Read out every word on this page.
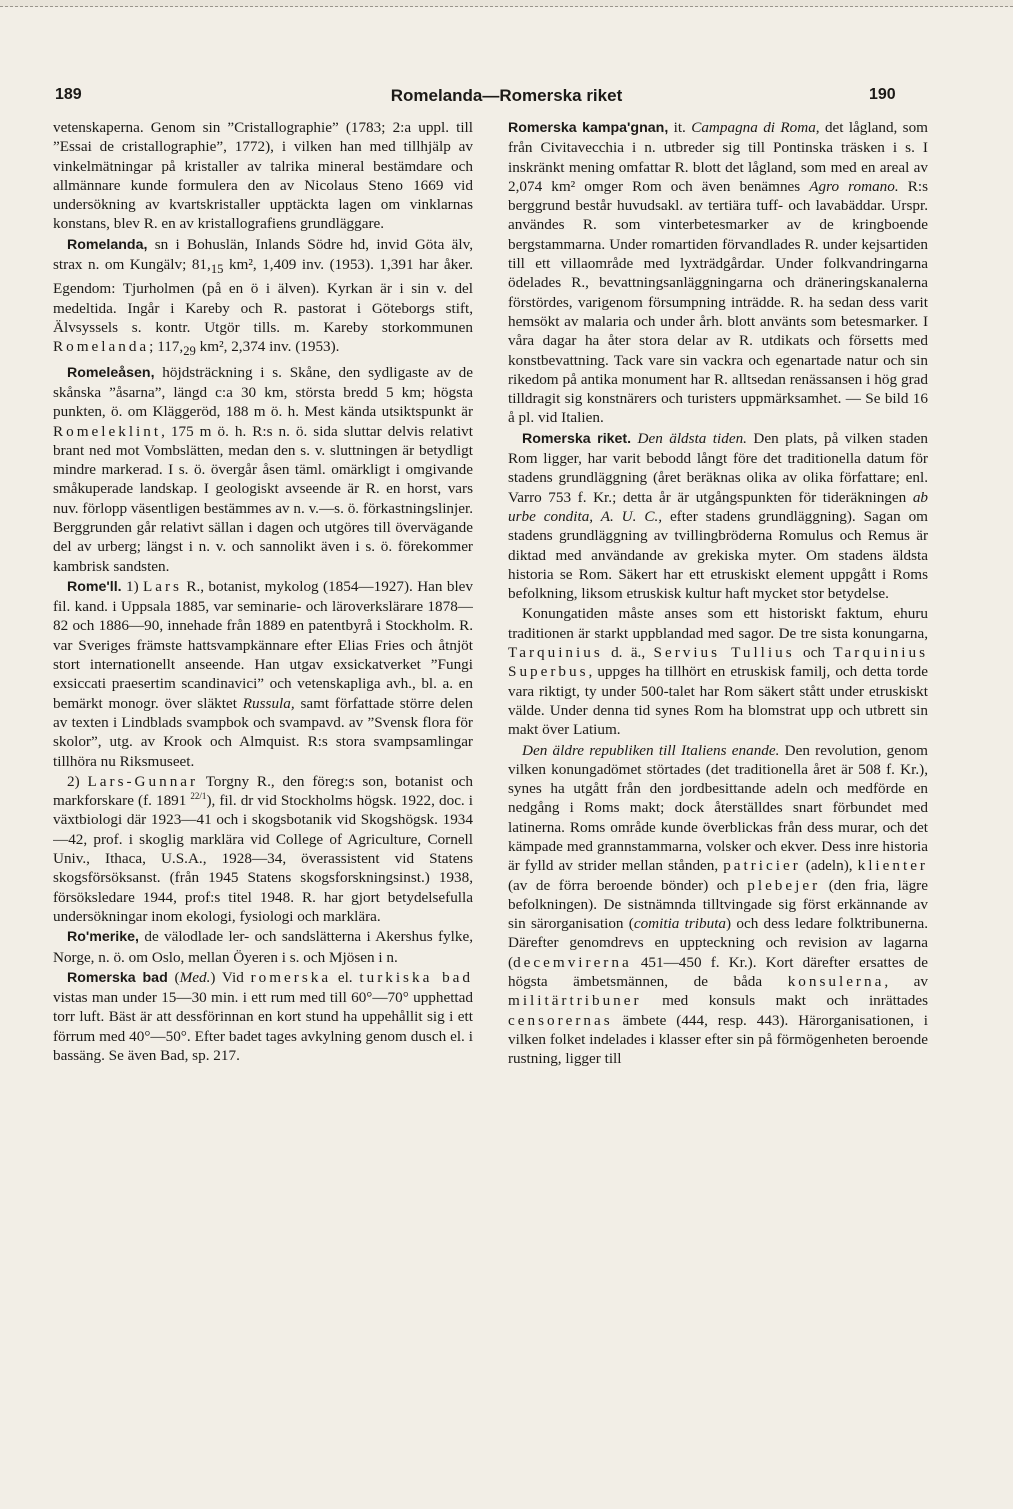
189	Romelanda—Romerska riket	190

vetenskaperna. Genom sin ”Cristallographie” (1783; 2:a uppl. till ”Essai de cristallographie”, 1772), i vilken han med tillhjälp av vinkelmätningar på kristaller av talrika mineral bestämdare och allmännare kunde formulera den av Nicolaus Steno 1669 vid undersökning av kvartskristaller upptäckta lagen om vinklarnas konstans, blev R. en av kristallografiens grundläggare.

Romelanda, sn i Bohuslän, Inlands Södre hd, invid Göta älv, strax n. om Kungälv; $81,_{15}$ km², 1,409 inv. (1953). 1,391 har åker. Egendom: Tjurholmen (på en ö i älven). Kyrkan är i sin v. del medeltida. Ingår i Kareby och R. pastorat i Göteborgs stift, Älvsyssels s. kontr. Utgör tills. m. Kareby storkommunen Romelanda; $117,_{29}$ km², 2,374 inv. (1953).

Romeleåsen, höjdsträckning i s. Skåne, den sydligaste av de skånska ”åsarna”, längd c:a 30 km, största bredd 5 km; högsta punkten, ö. om Kläggeröd, 188 m ö. h. Mest kända utsiktspunkt är Romeleklint, 175 m ö. h. R:s n. ö. sida sluttar delvis relativt brant ned mot Vombslätten, medan den s. v. sluttningen är betydligt mindre markerad. I s. ö. övergår åsen täml. omärkligt i omgivande småkuperade landskap. I geologiskt avseende är R. en horst, vars nuv. förlopp väsentligen bestämmes av n. v.—s. ö. förkastningslinjer. Berggrunden går relativt sällan i dagen och utgöres till övervägande del av urberg; längst i n. v. och sannolikt även i s. ö. förekommer kambrisk sandsten.

Rome'll. 1) Lars R., botanist, mykolog (1854—1927). Han blev fil. kand. i Uppsala 1885, var seminarie- och läroverkslärare 1878—82 och 1886—90, innehade från 1889 en patentbyrå i Stockholm. R. var Sveriges främste hattsvampkännare efter Elias Fries och åtnjöt stort internationellt anseende. Han utgav exsickatverket ”Fungi exsiccati praesertim scandinavici” och vetenskapliga avh., bl. a. en bemärkt monogr. över släktet Russula, samt författade större delen av texten i Lindblads svampbok och svampavd. av ”Svensk flora för skolor”, utg. av Krook och Almquist. R:s stora svampsamlingar tillhöra nu Riksmuseet.

2) Lars-Gunnar Torgny R., den föreg:s son, botanist och markforskare (f. 1891 $^{22/1}$), fil. dr vid Stockholms högsk. 1922, doc. i växtbiologi där 1923—41 och i skogsbotanik vid Skogshögsk. 1934—42, prof. i skoglig marklära vid College of Agriculture, Cornell Univ., Ithaca, U.S.A., 1928—34, överassistent vid Statens skogsförsöksanst. (från 1945 Statens skogsforskningsinst.) 1938, försöksledare 1944, prof:s titel 1948. R. har gjort betydelsefulla undersökningar inom ekologi, fysiologi och marklära.

Ro'merike, de välodlade ler- och sandslätterna i Akershus fylke, Norge, n. ö. om Oslo, mellan Öyeren i s. och Mjösen i n.

Romerska bad (Med.) Vid romerska el. turkiska bad vistas man under 15—30 min. i ett rum med till 60°—70° upphettad torr luft. Bäst är att dessförinnan en kort stund ha uppehållit sig i ett förrum med 40°—50°. Efter badet tages avkylning genom dusch el. i bassäng. Se även Bad, sp. 217.

Romerska kampa'gnan, it. Campagna di Roma, det lågland, som från Civitavecchia i n. utbreder sig till Pontinska träsken i s. I inskränkt mening omfattar R. blott det lågland, som med en areal av 2,074 km² omger Rom och även benämnes Agro romano. R:s berggrund består huvudsakl. av tertiära tuff- och lavabäddar. Urspr. användes R. som vinterbetesmarker av de kringboende bergstammarna. Under romartiden förvandlades R. under kejsartiden till ett villaområde med lyxträdgårdar. Under folkvandringarna ödelades R., bevattningsanläggningarna och dräneringskanalerna förstördes, varigenom försumpning inträdde. R. ha sedan dess varit hemsökt av malaria och under årh. blott använts som betesmarker. I våra dagar ha åter stora delar av R. utdikats och försetts med konstbevattning. Tack vare sin vackra och egenartade natur och sin rikedom på antika monument har R. alltsedan renässansen i hög grad tilldragit sig konstnärers och turisters uppmärksamhet. — Se bild 16 å pl. vid Italien.

Romerska riket. Den äldsta tiden. Den plats, på vilken staden Rom ligger, har varit bebodd långt före det traditionella datum för stadens grundläggning (året beräknas olika av olika författare; enl. Varro 753 f. Kr.; detta år är utgångspunkten för tideräkningen ab urbe condita, A. U. C., efter stadens grundläggning). Sagan om stadens grundläggning av tvillingbröderna Romulus och Remus är diktad med användande av grekiska myter. Om stadens äldsta historia se Rom. Säkert har ett etruskiskt element uppgått i Roms befolkning, liksom etruskisk kultur haft mycket stor betydelse.

Konungatiden måste anses som ett historiskt faktum, ehuru traditionen är starkt uppblandad med sagor. De tre sista konungarna, Tarquinius d. ä., Servius Tullius och Tarquinius Superbus, uppges ha tillhört en etruskisk familj, och detta torde vara riktigt, ty under 500-talet har Rom säkert stått under etruskiskt välde. Under denna tid synes Rom ha blomstrat upp och utbrett sin makt över Latium.

Den äldre republiken till Italiens enande. Den revolution, genom vilken konungadömet störtades (det traditionella året är 508 f. Kr.), synes ha utgått från den jordbesittande adeln och medförde en nedgång i Roms makt; dock återställdes snart förbundet med latinerna. Roms område kunde överblickas från dess murar, och det kämpade med grannstammarna, volsker och ekver. Dess inre historia är fylld av strider mellan stånden, patricier (adeln), klienter (av de förra beroende bönder) och plebejer (den fria, lägre befolkningen). De sistnämnda tilltvingade sig först erkännande av sin särorganisation (comitia tributa) och dess ledare folktribunerna. Därefter genomdrevs en uppteckning och revision av lagarna (decemvirerna 451—450 f. Kr.). Kort därefter ersattes de högsta ämbetsmännen, de båda konsulerna, av militärtribuner med konsuls makt och inrättades censorernas ämbete (444, resp. 443). Härorganisationen, i vilken folket indelades i klasser efter sin på förmögenheten beroende rustning, ligger till
